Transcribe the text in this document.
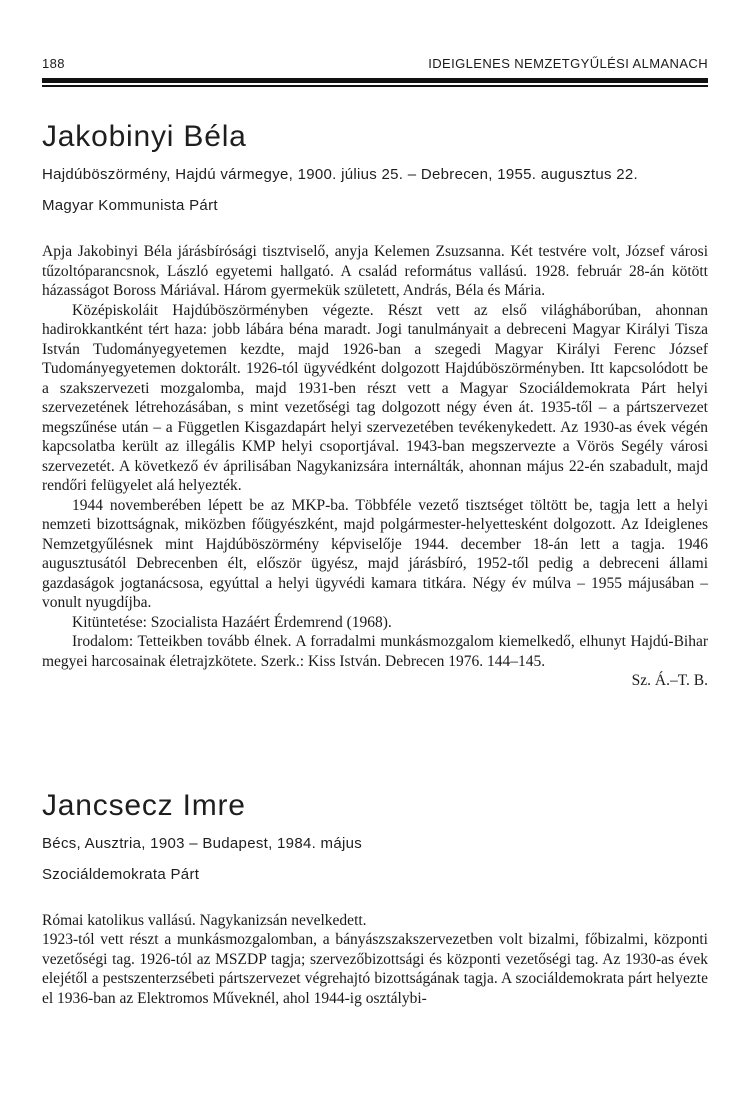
188	IDEIGLENES NEMZETGYŰLÉSI ALMANACH
Jakobinyi Béla

Hajdúböszörmény, Hajdú vármegye, 1900. július 25. – Debrecen, 1955. augusztus 22.

Magyar Kommunista Párt

Apja Jakobinyi Béla járásbírósági tisztviselő, anyja Kelemen Zsuzsanna. Két testvére volt, József városi tűzoltóparancsnok, László egyetemi hallgató. A család református vallású. 1928. február 28-án kötött házasságot Boross Máriával. Három gyermekük született, András, Béla és Mária.

Középiskoláit Hajdúböszörményben végezte. Részt vett az első világháborúban, ahonnan hadirokkantként tért haza: jobb lábára béna maradt. Jogi tanulmányait a debreceni Magyar Királyi Tisza István Tudományegyetemen kezdte, majd 1926-ban a szegedi Magyar Királyi Ferenc József Tudományegyetemen doktorált. 1926-tól ügyvédként dolgozott Hajdúböszörményben. Itt kapcsolódott be a szakszervezeti mozgalomba, majd 1931-ben részt vett a Magyar Szociáldemokrata Párt helyi szervezetének létrehozásában, s mint vezetőségi tag dolgozott négy éven át. 1935-től – a pártszervezet megszűnése után – a Független Kisgazdapárt helyi szervezetében tevékenykedett. Az 1930-as évek végén kapcsolatba került az illegális KMP helyi csoportjával. 1943-ban megszervezte a Vörös Segély városi szervezetét. A következő év áprilisában Nagykanizsára internálták, ahonnan május 22-én szabadult, majd rendőri felügyelet alá helyezték.

1944 novemberében lépett be az MKP-ba. Többféle vezető tisztséget töltött be, tagja lett a helyi nemzeti bizottságnak, miközben főügyészként, majd polgármester-helyettesként dolgozott. Az Ideiglenes Nemzetgyűlésnek mint Hajdúböszörmény képviselője 1944. december 18-án lett a tagja. 1946 augusztusától Debrecenben élt, először ügyész, majd járásbíró, 1952-től pedig a debreceni állami gazdaságok jogtanácsosa, egyúttal a helyi ügyvédi kamara titkára. Négy év múlva – 1955 májusában – vonult nyugdíjba.

Kitüntetése: Szocialista Hazáért Érdemrend (1968).

Irodalom: Tetteikben tovább élnek. A forradalmi munkásmozgalom kiemelkedő, elhunyt Hajdú-Bihar megyei harcosainak életrajzkötete. Szerk.: Kiss István. Debrecen 1976. 144–145.

Sz. Á.–T. B.

Jancsecz Imre

Bécs, Ausztria, 1903 – Budapest, 1984. május

Szociáldemokrata Párt

Római katolikus vallású. Nagykanizsán nevelkedett.

1923-tól vett részt a munkásmozgalomban, a bányászszakszervezetben volt bizalmi, főbizalmi, központi vezetőségi tag. 1926-tól az MSZDP tagja; szervezőbizottsági és központi vezetőségi tag. Az 1930-as évek elejétől a pestszenterzsébeti pártszervezet végrehajtó bizottságának tagja. A szociáldemokrata párt helyezte el 1936-ban az Elektromos Műveknél, ahol 1944-ig osztálybi-
